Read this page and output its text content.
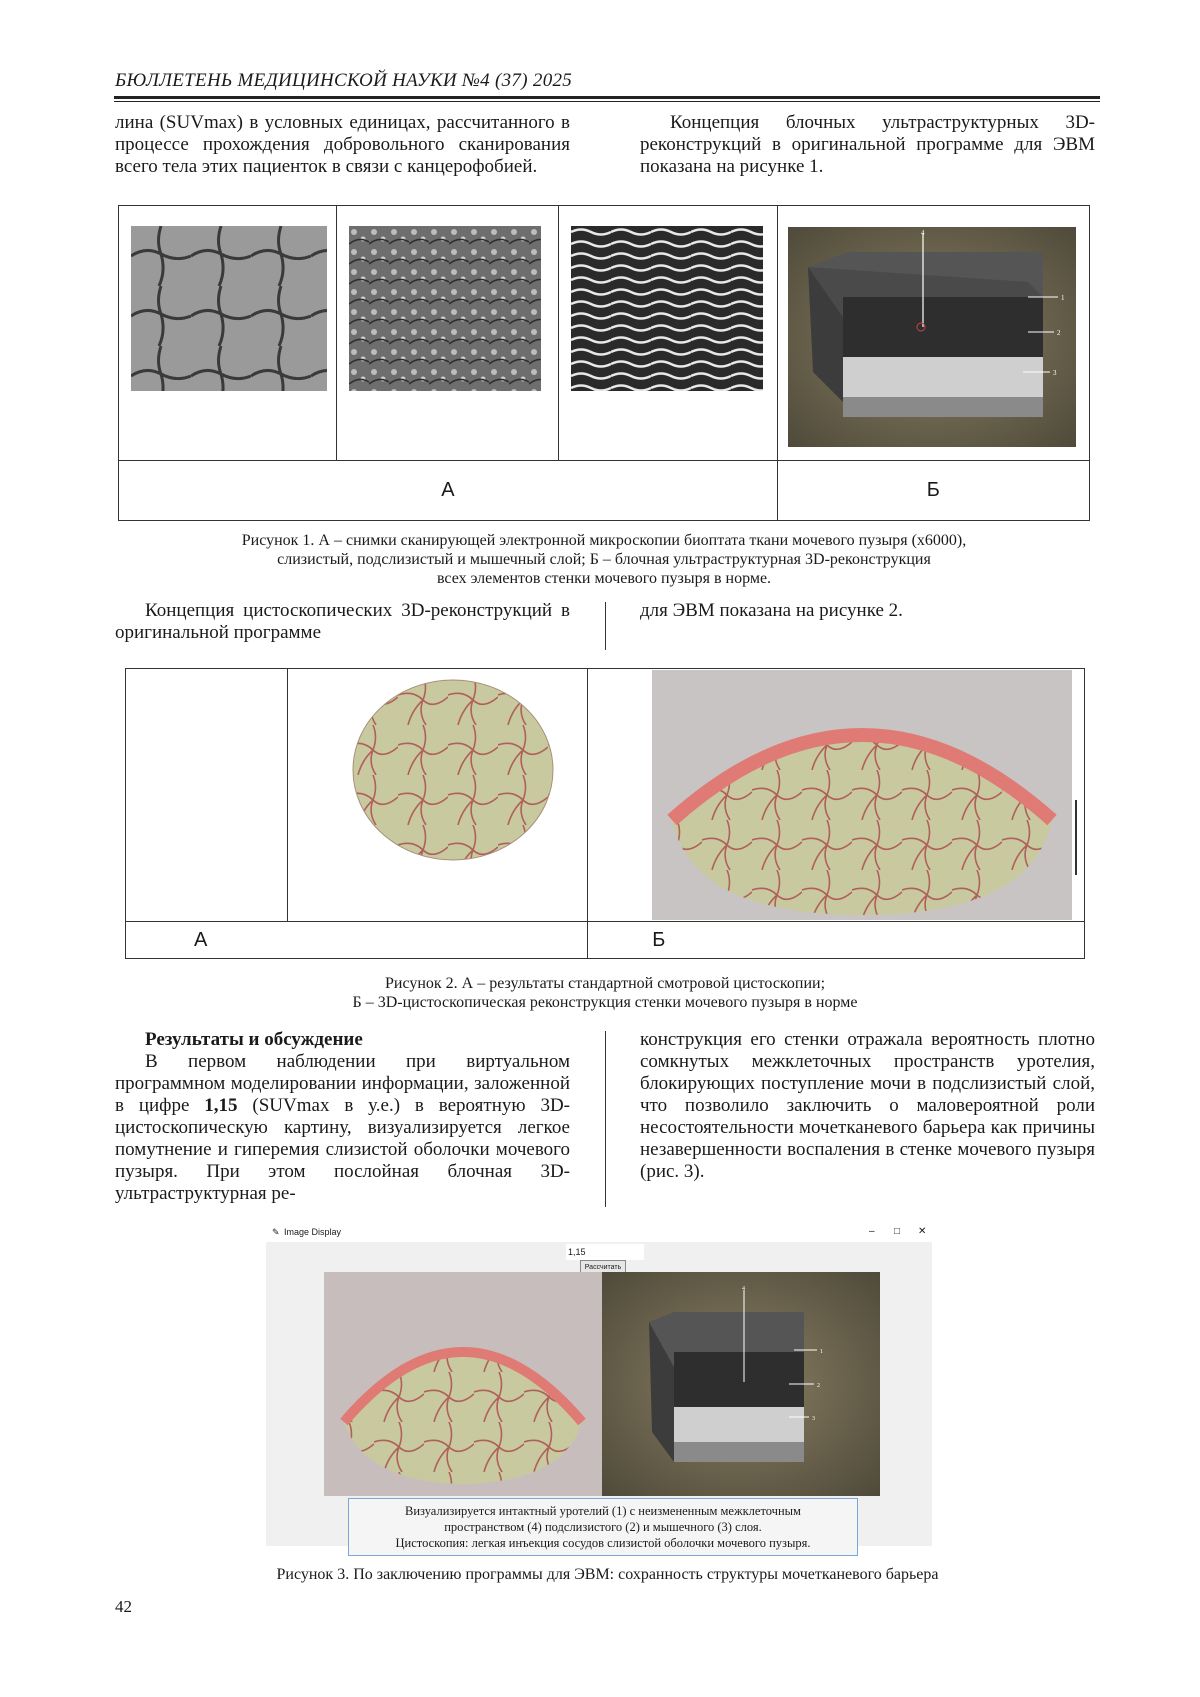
БЮЛЛЕТЕНЬ МЕДИЦИНСКОЙ НАУКИ №4 (37) 2025

лина (SUVmax) в условных единицах, рассчитанного в процессе прохождения добровольного сканирования всего тела этих пациенток в связи с канцерофобией.

Концепция блочных ультраструктурных 3D-реконструкций в оригинальной программе для ЭВМ показана на рисунке 1.

4
1
2
3

А			Б
Рисунок 1. А – снимки сканирующей электронной микроскопии биоптата ткани мочевого пузыря (х6000),
слизистый, подслизистый и мышечный слой; Б – блочная ультраструктурная 3D-реконструкция
всех элементов стенки мочевого пузыря в норме.

Концепция цистоскопических 3D-реконструкций в оригинальной программе

для ЭВМ показана на рисунке 2.

А		Б
Рисунок 2. А – результаты стандартной смотровой цистоскопии;
Б – 3D-цистоскопическая реконструкция стенки мочевого пузыря в норме

Результаты и обсуждение

В первом наблюдении при виртуальном программном моделировании информации, заложенной в цифре 1,15 (SUVmax в у.е.) в вероятную 3D-цистоскопическую картину, визуализируется легкое помутнение и гиперемия слизистой оболочки мочевого пузыря. При этом послойная блочная 3D-ультраструктурная ре-

конструкция его стенки отражала вероятность плотно сомкнутых межклеточных пространств уротелия, блокирующих поступление мочи в подслизистый слой, что позволило заключить о маловероятной роли несостоятельности мочетканевого барьера как причины незавершенности воспаления в стенке мочевого пузыря (рис. 3).

✎ Image Display	– □ ✕
1,15
Рассчитать
4
1
2
3
Визуализируется интактный уротелий (1) с неизмененным межклеточным
пространством (4) подслизистого (2) и мышечного (3) слоя.
Цистоскопия: легкая инъекция сосудов слизистой оболочки мочевого пузыря.
Рисунок 3. По заключению программы для ЭВМ: сохранность структуры мочетканевого барьера
42
